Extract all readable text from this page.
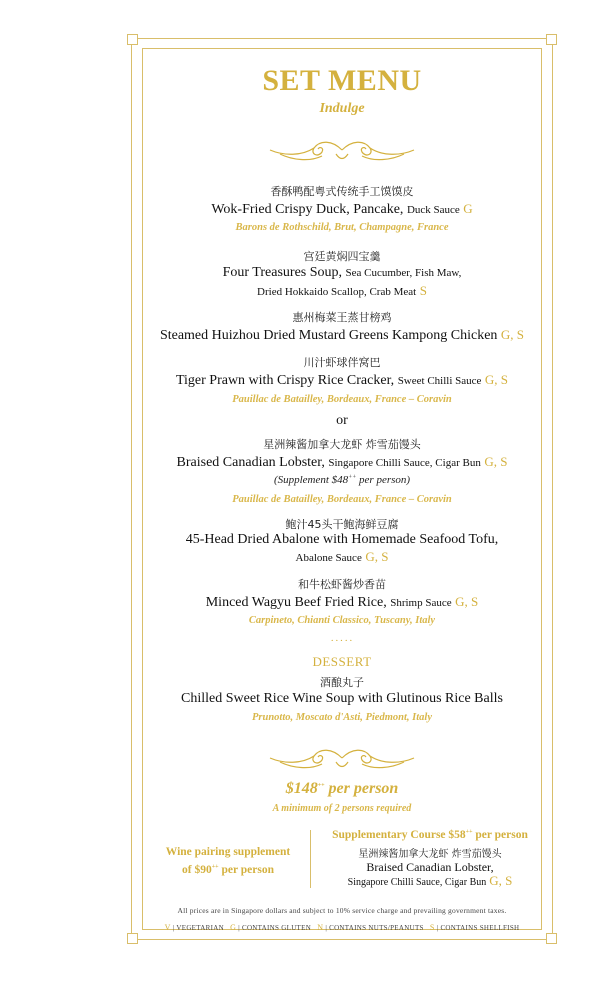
SET MENU
Indulge
香酥鸭配粤式传统手工馍馍皮
Wok-Fried Crispy Duck, Pancake, Duck Sauce G
Barons de Rothschild, Brut, Champagne, France
宫廷黄焖四宝羹
Four Treasures Soup, Sea Cucumber, Fish Maw,
Dried Hokkaido Scallop, Crab Meat S
惠州梅菜王蒸甘榜鸡
Steamed Huizhou Dried Mustard Greens Kampong Chicken G, S
川汁虾球伴窝巴
Tiger Prawn with Crispy Rice Cracker, Sweet Chilli Sauce G, S
Pauillac de Batailley, Bordeaux, France – Coravin
or
星洲辣酱加拿大龙虾 炸雪茄馒头
Braised Canadian Lobster, Singapore Chilli Sauce, Cigar Bun G, S
(Supplement $48++ per person)
Pauillac de Batailley, Bordeaux, France – Coravin
鲍汁45头干鲍海鲜豆腐
45-Head Dried Abalone with Homemade Seafood Tofu,
Abalone Sauce G, S
和牛松虾酱炒香苗
Minced Wagyu Beef Fried Rice, Shrimp Sauce G, S
Carpineto, Chianti Classico, Tuscany, Italy
·····
DESSERT
酒酿丸子
Chilled Sweet Rice Wine Soup with Glutinous Rice Balls
Prunotto, Moscato d'Asti, Piedmont, Italy
$148++ per person
A minimum of 2 persons required
All prices are in Singapore dollars and subject to 10% service charge and prevailing government taxes.
V | VEGETARIAN G | CONTAINS GLUTEN N | CONTAINS NUTS/PEANUTS S | CONTAINS SHELLFISH
Wine pairing supplement
of $90++ per person
Supplementary Course $58++ per person
星洲辣酱加拿大龙虾 炸雪茄馒头
Braised Canadian Lobster,
Singapore Chilli Sauce, Cigar Bun G, S
